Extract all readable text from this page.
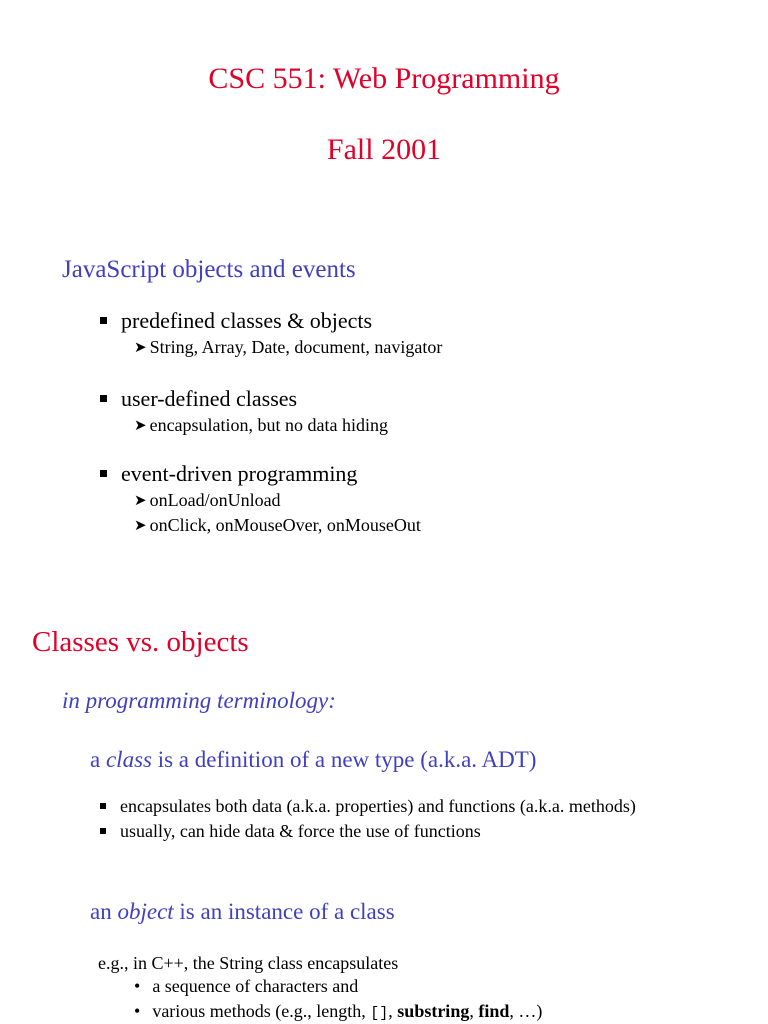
CSC 551: Web Programming
Fall 2001
JavaScript objects and events
predefined classes & objects
➤ String, Array, Date, document, navigator
user-defined classes
➤ encapsulation, but no data hiding
event-driven programming
➤ onLoad/onUnload
➤ onClick, onMouseOver, onMouseOut
Classes vs. objects
in programming terminology:
a class is a definition of a new type (a.k.a. ADT)
encapsulates both data (a.k.a. properties) and functions (a.k.a. methods)
usually, can hide data & force the use of functions
an object is an instance of a class
e.g., in C++, the String class encapsulates
• a sequence of characters and
• various methods (e.g., length, [], substring, find, …)
